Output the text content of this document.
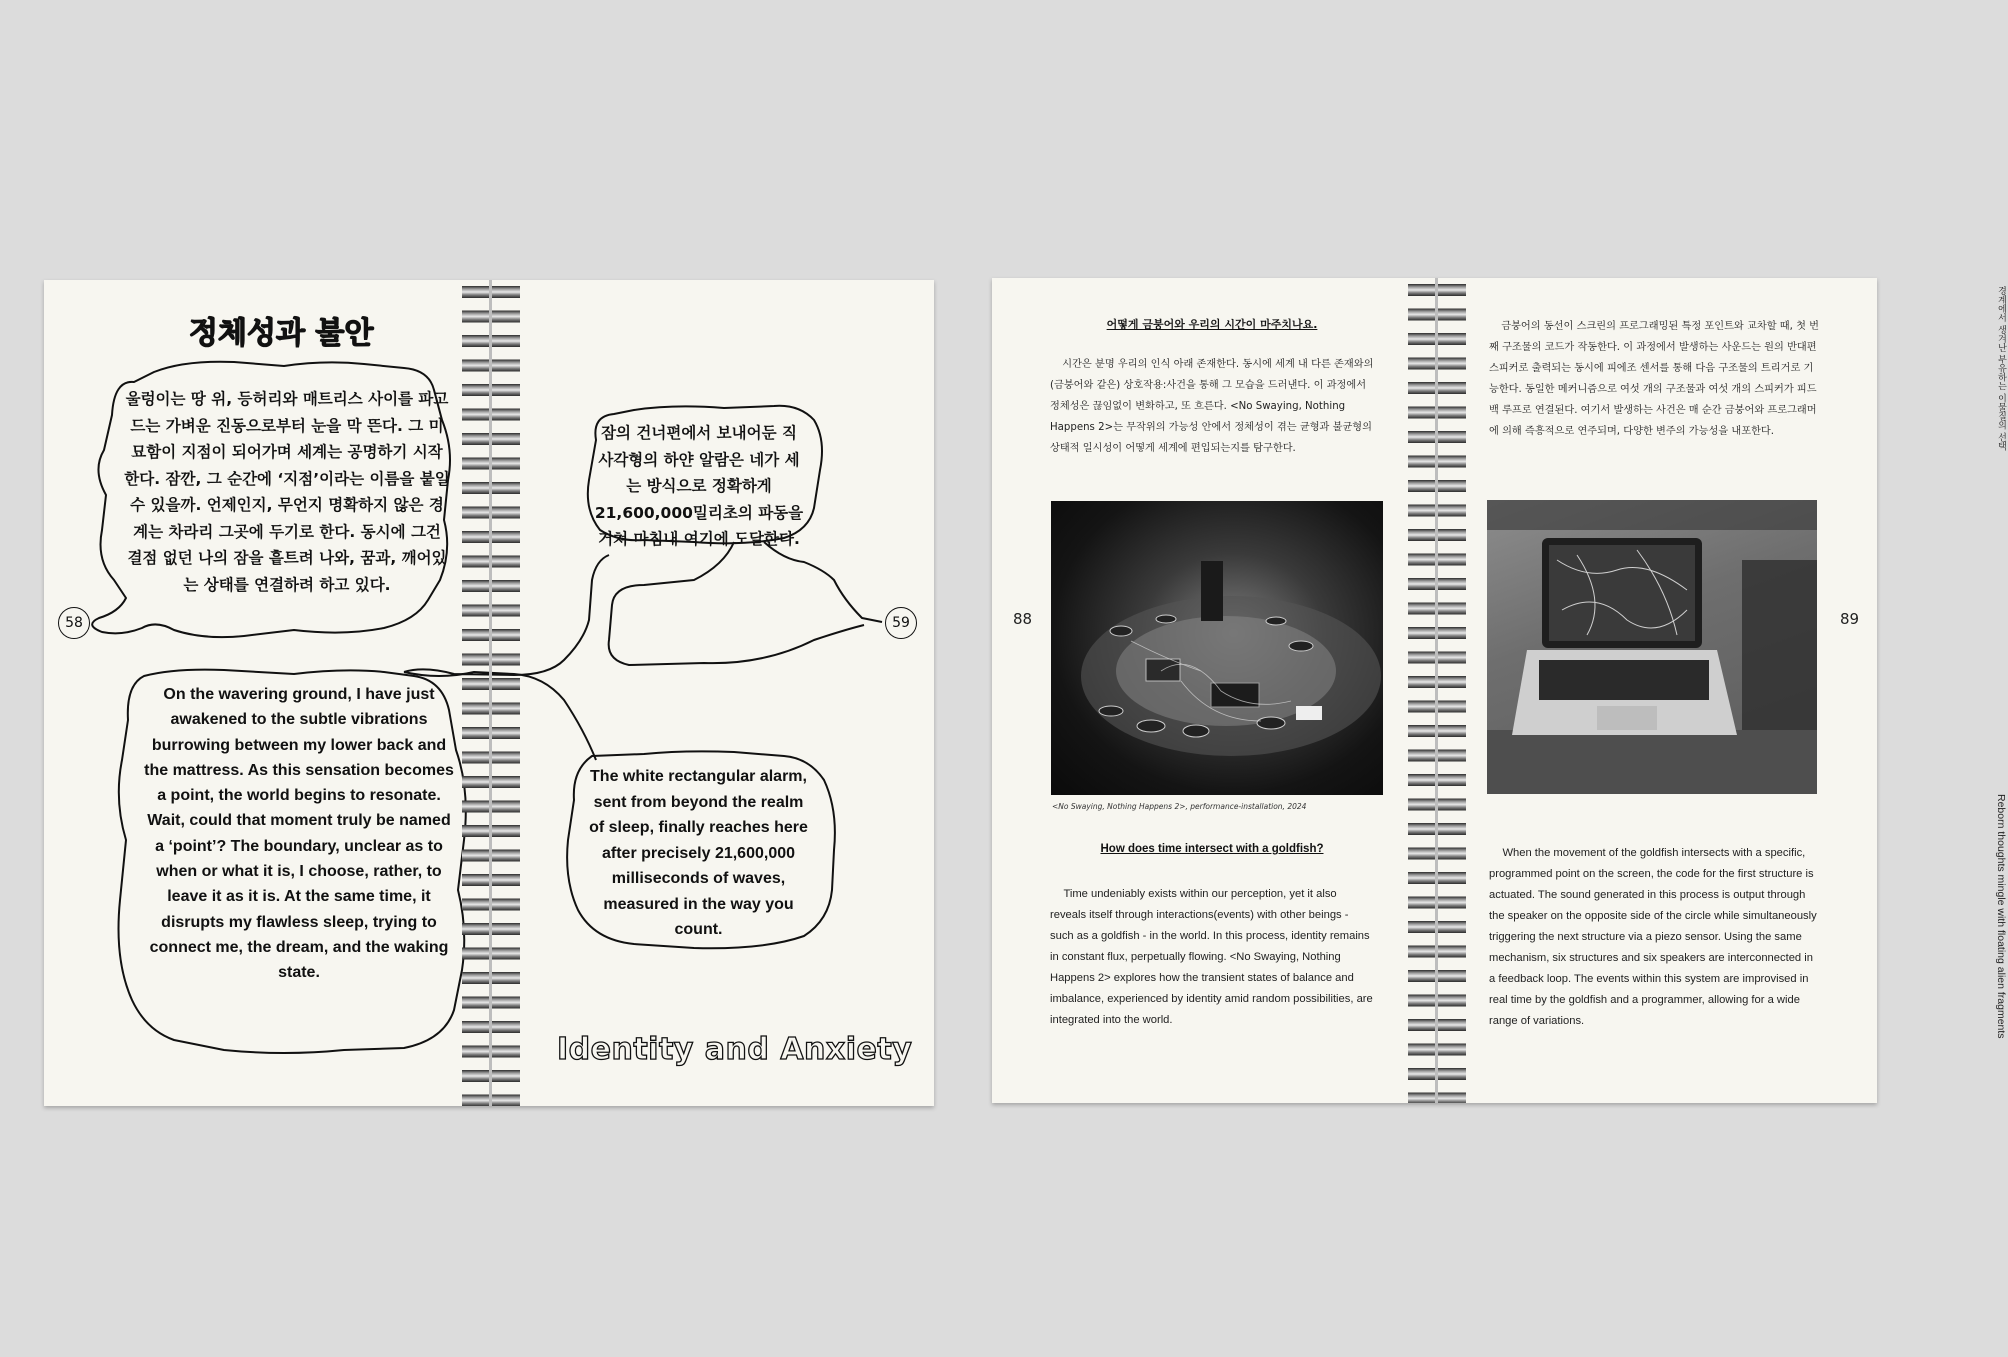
정체성과 불안
Identity and Anxiety
울렁이는 땅 위, 등허리와 매트리스 사이를 파고드는 가벼운 진동으로부터 눈을 막 뜬다. 그 미묘함이 지점이 되어가며 세계는 공명하기 시작한다. 잠깐, 그 순간에 ‘지점’이라는 이름을 붙일 수 있을까. 언제인지, 무언지 명확하지 않은 경계는 차라리 그곳에 두기로 한다. 동시에 그건 결점 없던 나의 잠을 흩트려 나와, 꿈과, 깨어있는 상태를 연결하려 하고 있다.
잠의 건너편에서 보내어둔 직사각형의 하얀 알람은 네가 세는 방식으로 정확하게 21,600,000밀리초의 파동을 거쳐 마침내 여기에 도달한다.
On the wavering ground, I have just awakened to the subtle vibrations burrowing between my lower back and the mattress. As this sensation becomes a point, the world begins to resonate. Wait, could that moment truly be named a ‘point’? The boundary, unclear as to when or what it is, I choose, rather, to leave it as it is. At the same time, it disrupts my flawless sleep, trying to connect me, the dream, and the waking state.
The white rectangular alarm, sent from beyond the realm of sleep, finally reaches here after precisely 21,600,000 milliseconds of waves, measured in the way you count.
58	59
경계에서 생겨난 부유하는 이물질의 선택
Reborn thoughts mingle with floating alien fragments
88	89
어떻게 금붕어와 우리의 시간이 마주치나요.
시간은 분명 우리의 인식 아래 존재한다. 동시에 세계 내 다른 존재와의(금붕어와 같은) 상호작용:사건을 통해 그 모습을 드러낸다. 이 과정에서 정체성은 끊임없이 변화하고, 또 흐른다. <No Swaying, Nothing Happens 2>는 무작위의 가능성 안에서 정체성이 겪는 균형과 불균형의 상태적 일시성이 어떻게 세계에 편입되는지를 탐구한다.
금붕어의 동선이 스크린의 프로그래밍된 특정 포인트와 교차할 때, 첫 번째 구조물의 코드가 작동한다. 이 과정에서 발생하는 사운드는 원의 반대편 스피커로 출력되는 동시에 피에조 센서를 통해 다음 구조물의 트리거로 기능한다. 동일한 메커니즘으로 여섯 개의 구조물과 여섯 개의 스피커가 피드백 루프로 연결된다. 여기서 발생하는 사건은 매 순간 금붕어와 프로그래머에 의해 즉흥적으로 연주되며, 다양한 변주의 가능성을 내포한다.
<No Swaying, Nothing Happens 2>, performance-installation, 2024
How does time intersect with a goldfish?
Time undeniably exists within our perception, yet it also reveals itself through interactions(events) with other beings - such as a goldfish - in the world. In this process, identity remains in constant flux, perpetually flowing. <No Swaying, Nothing Happens 2> explores how the transient states of balance and imbalance, experienced by identity amid random possibilities, are integrated into the world.
When the movement of the goldfish intersects with a specific, programmed point on the screen, the code for the first structure is actuated. The sound generated in this process is output through the speaker on the opposite side of the circle while simultaneously triggering the next structure via a piezo sensor. Using the same mechanism, six structures and six speakers are interconnected in a feedback loop. The events within this system are improvised in real time by the goldfish and a programmer, allowing for a wide range of variations.
